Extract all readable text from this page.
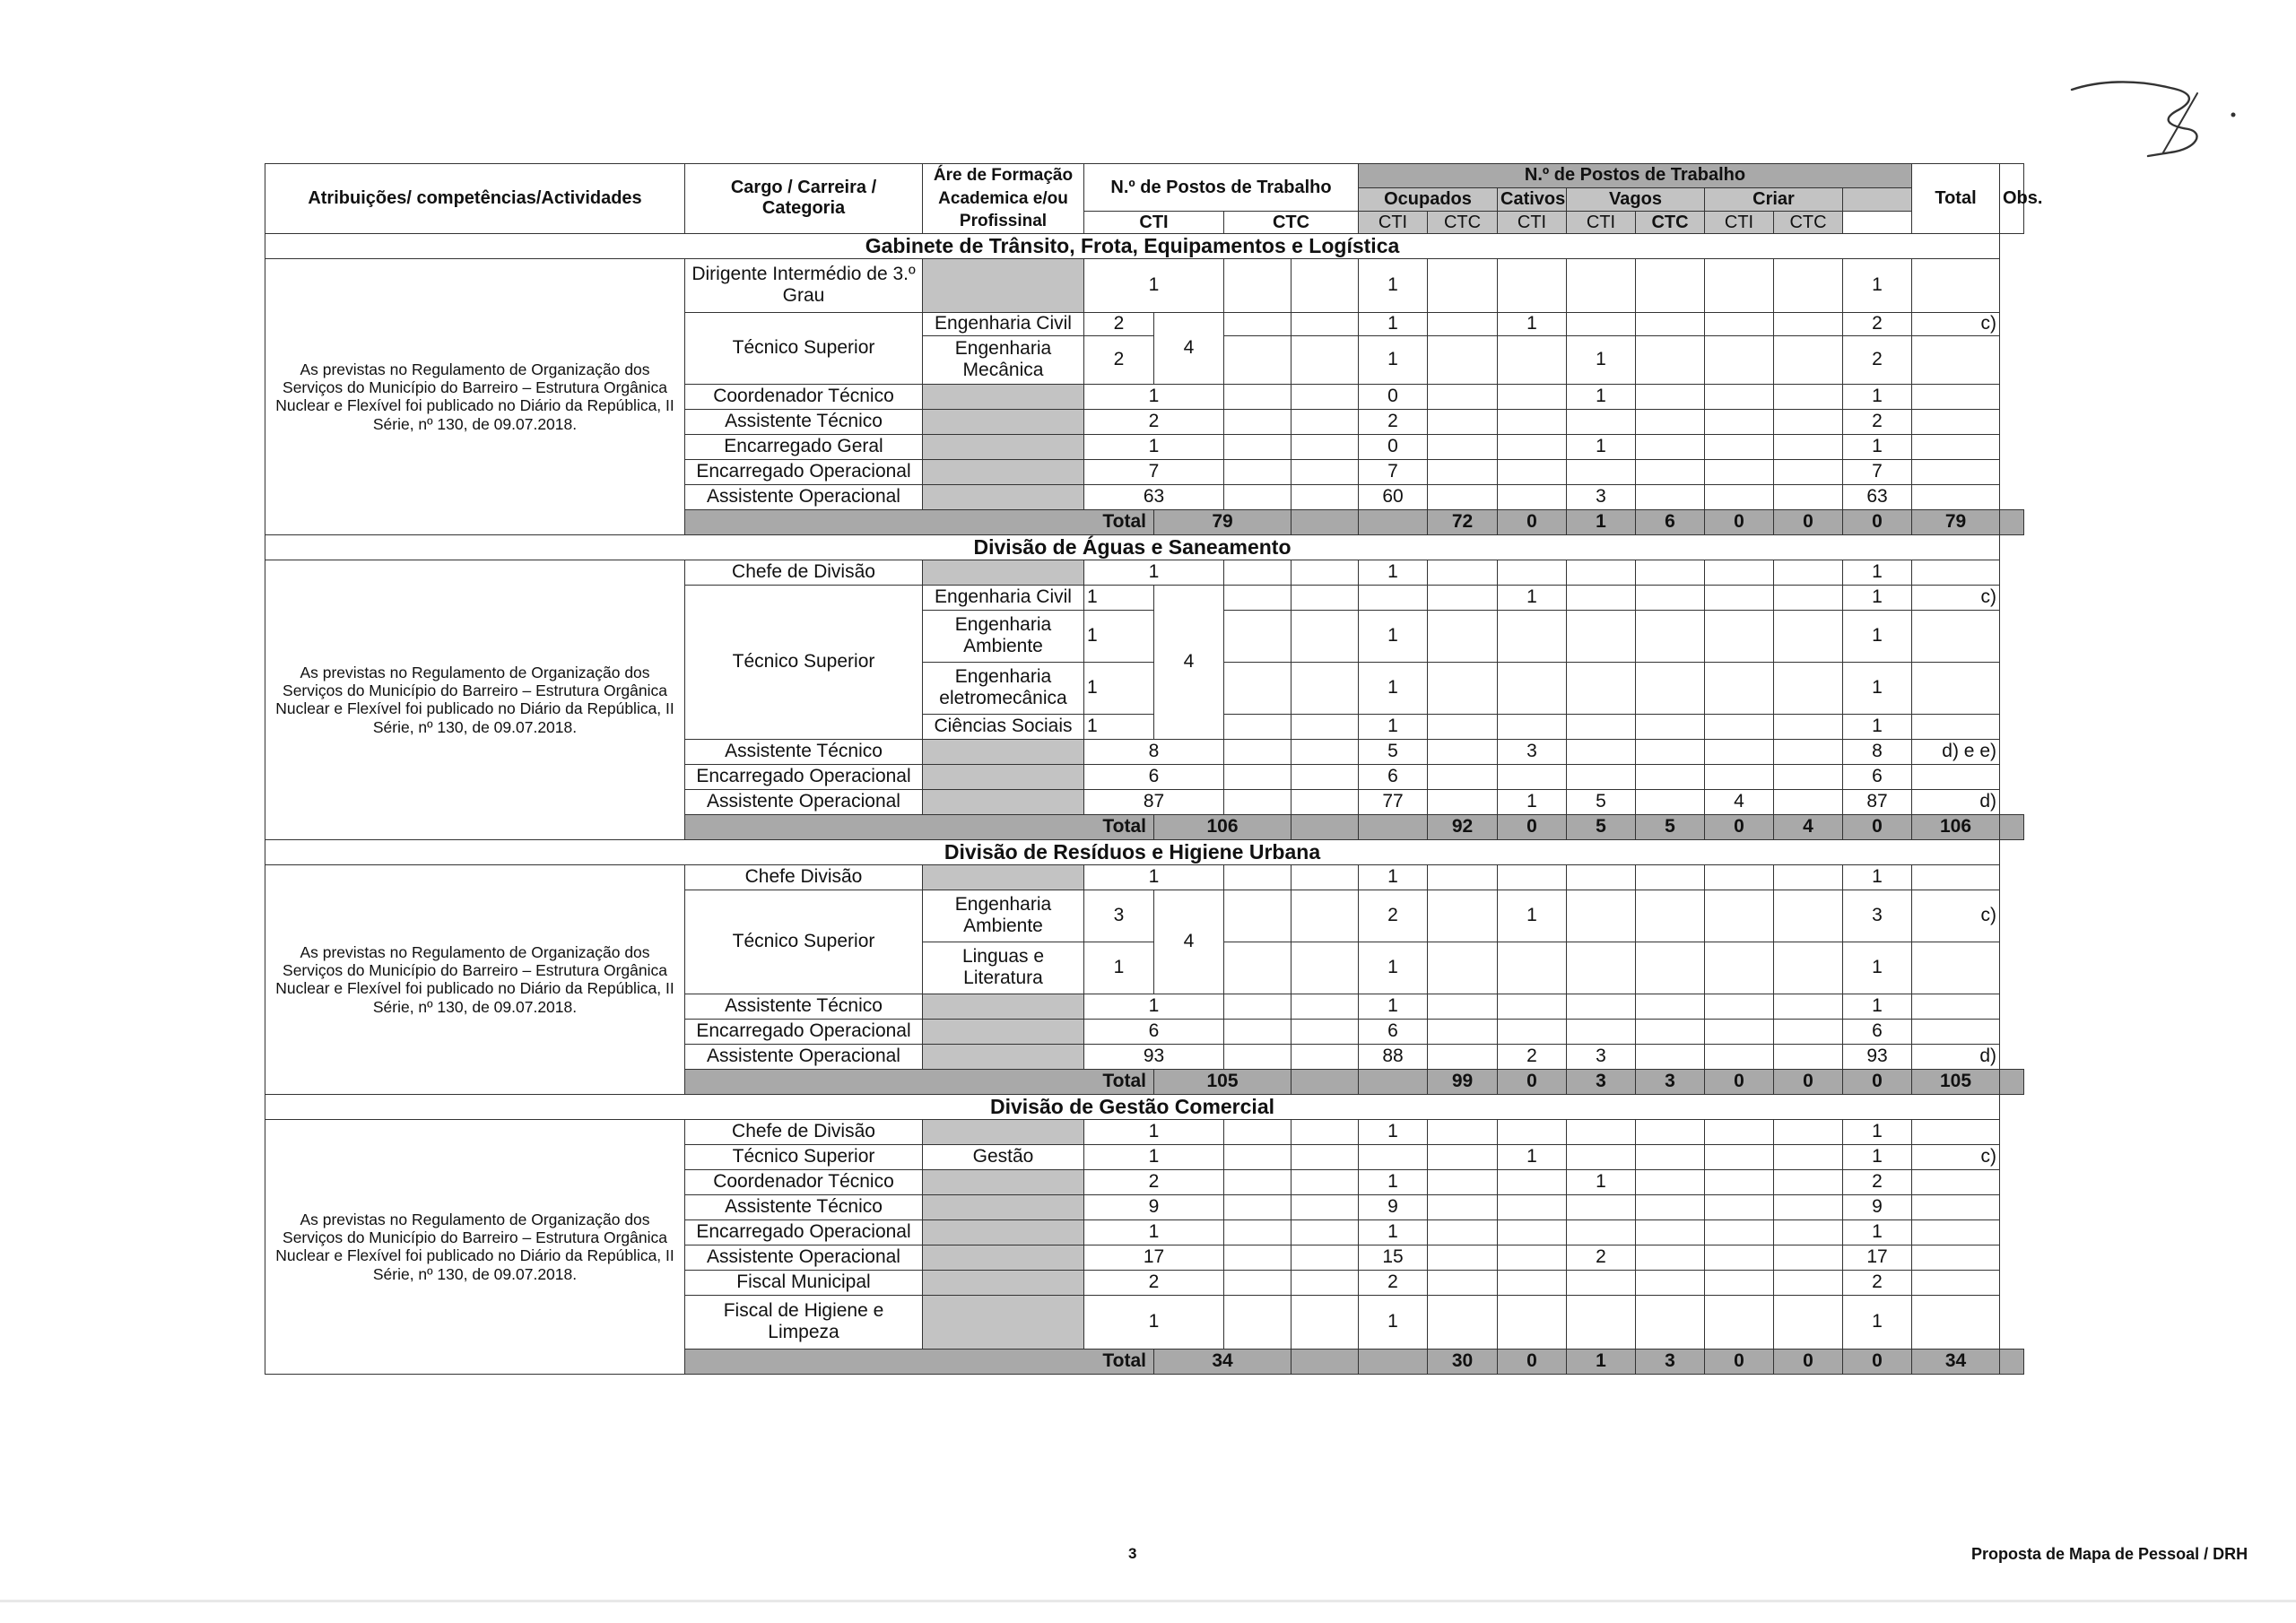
Atribuições/ competências/Actividades	Cargo / Carreira / Categoria	Áre de Formação Academica e/ou Profissinal	N.º de Postos de Trabalho				N.º de Postos de Trabalho								Total	Obs.
							Ocupados		Cativos	Vagos		Criar				
			CTI		CTC		CTI	CTC	CTI	CTI	CTC	CTI	CTC			
Gabinete de Trânsito, Frota, Equipamentos e Logística																
As previstas no Regulamento de Organização dos Serviços do Município do Barreiro – Estrutura Orgânica Nuclear e Flexível foi publicado no Diário da República, II Série, nº 130, de 09.07.2018.	Dirigente Intermédio de 3.º Grau		1				1							1		
	Técnico Superior	Engenharia Civil	2	4			1		1					2	c)	
		Engenharia Mecânica	2				1			1				2		
	Coordenador Técnico		1				0			1				1		
	Assistente Técnico		2				2							2		
	Encarregado Geral		1				0			1				1		
	Encarregado Operacional		7				7							7		
	Assistente Operacional		63				60			3				63		
	Total			79				72	0	1	6	0	0	0	79	
Divisão de Águas e Saneamento																
As previstas no Regulamento de Organização dos Serviços do Município do Barreiro – Estrutura Orgânica Nuclear e Flexível foi publicado no Diário da República, II Série, nº 130, de 09.07.2018.	Chefe de Divisão		1				1							1		
	Técnico Superior	Engenharia Civil	1	4					1					1	c)	
		Engenharia Ambiente	1				1							1		
		Engenharia eletromecânica	1				1							1		
		Ciências Sociais	1				1							1		
	Assistente Técnico		8				5		3					8	d) e e)	
	Encarregado Operacional		6				6							6		
	Assistente Operacional		87				77		1	5		4		87	d)	
	Total			106				92	0	5	5	0	4	0	106	
Divisão de Resíduos e Higiene Urbana																
As previstas no Regulamento de Organização dos Serviços do Município do Barreiro – Estrutura Orgânica Nuclear e Flexível foi publicado no Diário da República, II Série, nº 130, de 09.07.2018.	Chefe Divisão		1				1							1		
	Técnico Superior	Engenharia Ambiente	3	4			2		1					3	c)	
		Linguas e Literatura	1				1							1		
	Assistente Técnico		1				1							1		
	Encarregado Operacional		6				6							6		
	Assistente Operacional		93				88		2	3				93	d)	
	Total			105				99	0	3	3	0	0	0	105	
Divisão de Gestão Comercial																
As previstas no Regulamento de Organização dos Serviços do Município do Barreiro – Estrutura Orgânica Nuclear e Flexível foi publicado no Diário da República, II Série, nº 130, de 09.07.2018.	Chefe de Divisão		1				1							1		
	Técnico Superior	Gestão	1						1					1	c)	
	Coordenador Técnico		2				1			1				2		
	Assistente Técnico		9				9							9		
	Encarregado Operacional		1				1							1		
	Assistente Operacional		17				15			2				17		
	Fiscal Municipal		2				2							2		
	Fiscal de Higiene e Limpeza		1				1							1		
	Total			34				30	0	1	3	0	0	0	34	
3	Proposta de Mapa de Pessoal / DRH
